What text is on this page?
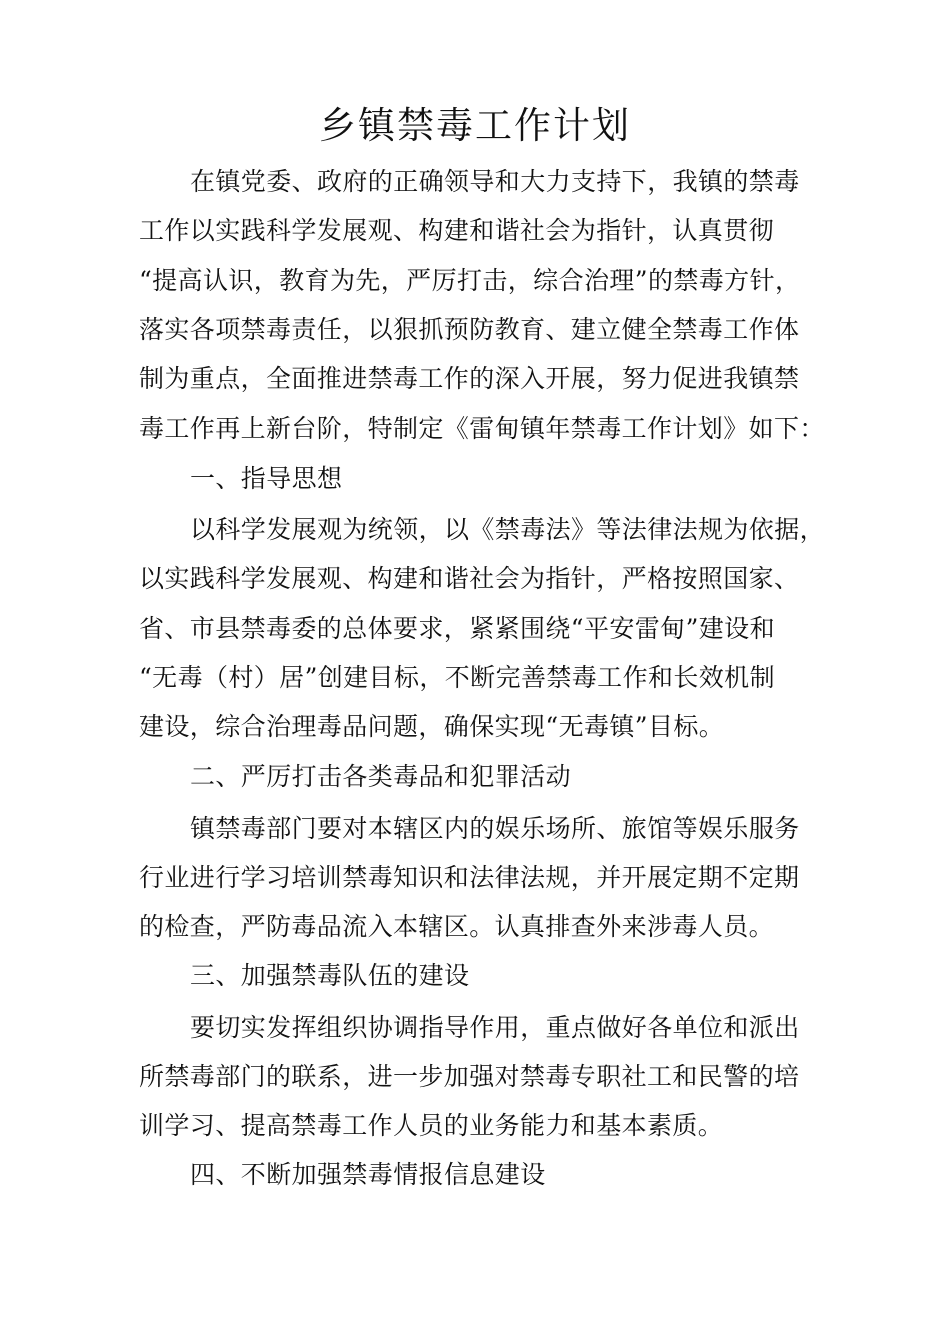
乡镇禁毒工作计划
在镇党委、政府的正确领导和大力支持下，我镇的禁毒
工作以实践科学发展观、构建和谐社会为指针，认真贯彻
“提高认识，教育为先，严厉打击，综合治理”的禁毒方针，
落实各项禁毒责任，以狠抓预防教育、建立健全禁毒工作体
制为重点，全面推进禁毒工作的深入开展，努力促进我镇禁
毒工作再上新台阶，特制定《雷甸镇年禁毒工作计划》如下：
一、指导思想
以科学发展观为统领，以《禁毒法》等法律法规为依据，
以实践科学发展观、构建和谐社会为指针，严格按照国家、
省、市县禁毒委的总体要求，紧紧围绕“平安雷甸”建设和
“无毒（村）居”创建目标，不断完善禁毒工作和长效机制
建设，综合治理毒品问题，确保实现“无毒镇”目标。
二、严厉打击各类毒品和犯罪活动
镇禁毒部门要对本辖区内的娱乐场所、旅馆等娱乐服务
行业进行学习培训禁毒知识和法律法规，并开展定期不定期
的检查，严防毒品流入本辖区。认真排查外来涉毒人员。
三、加强禁毒队伍的建设
要切实发挥组织协调指导作用，重点做好各单位和派出
所禁毒部门的联系，进一步加强对禁毒专职社工和民警的培
训学习、提高禁毒工作人员的业务能力和基本素质。
四、不断加强禁毒情报信息建设
